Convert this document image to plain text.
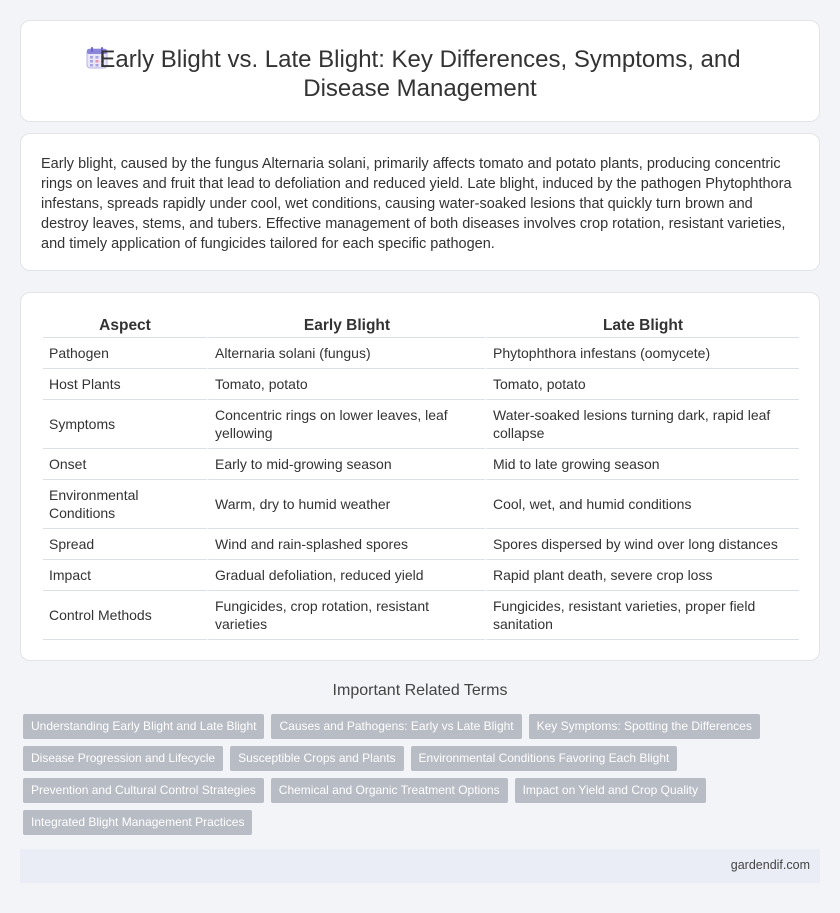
Early Blight vs. Late Blight: Key Differences, Symptoms, and
Disease Management

Early blight, caused by the fungus Alternaria solani, primarily affects tomato and potato plants, producing concentric rings on leaves and fruit that lead to defoliation and reduced yield. Late blight, induced by the pathogen Phytophthora infestans, spreads rapidly under cool, wet conditions, causing water-soaked lesions that quickly turn brown and destroy leaves, stems, and tubers. Effective management of both diseases involves crop rotation, resistant varieties, and timely application of fungicides tailored for each specific pathogen.

Aspect	Early Blight	Late Blight
Pathogen	Alternaria solani (fungus)	Phytophthora infestans (oomycete)
Host Plants	Tomato, potato	Tomato, potato
Symptoms	Concentric rings on lower leaves, leaf yellowing	Water-soaked lesions turning dark, rapid leaf collapse
Onset	Early to mid-growing season	Mid to late growing season
Environmental Conditions	Warm, dry to humid weather	Cool, wet, and humid conditions
Spread	Wind and rain-splashed spores	Spores dispersed by wind over long distances
Impact	Gradual defoliation, reduced yield	Rapid plant death, severe crop loss
Control Methods	Fungicides, crop rotation, resistant varieties	Fungicides, resistant varieties, proper field sanitation
Important Related Terms
Understanding Early Blight and Late Blight	Causes and Pathogens: Early vs Late Blight	Key Symptoms: Spotting the Differences
Disease Progression and Lifecycle	Susceptible Crops and Plants	Environmental Conditions Favoring Each Blight
Prevention and Cultural Control Strategies	Chemical and Organic Treatment Options	Impact on Yield and Crop Quality
Integrated Blight Management Practices
gardendif.com
